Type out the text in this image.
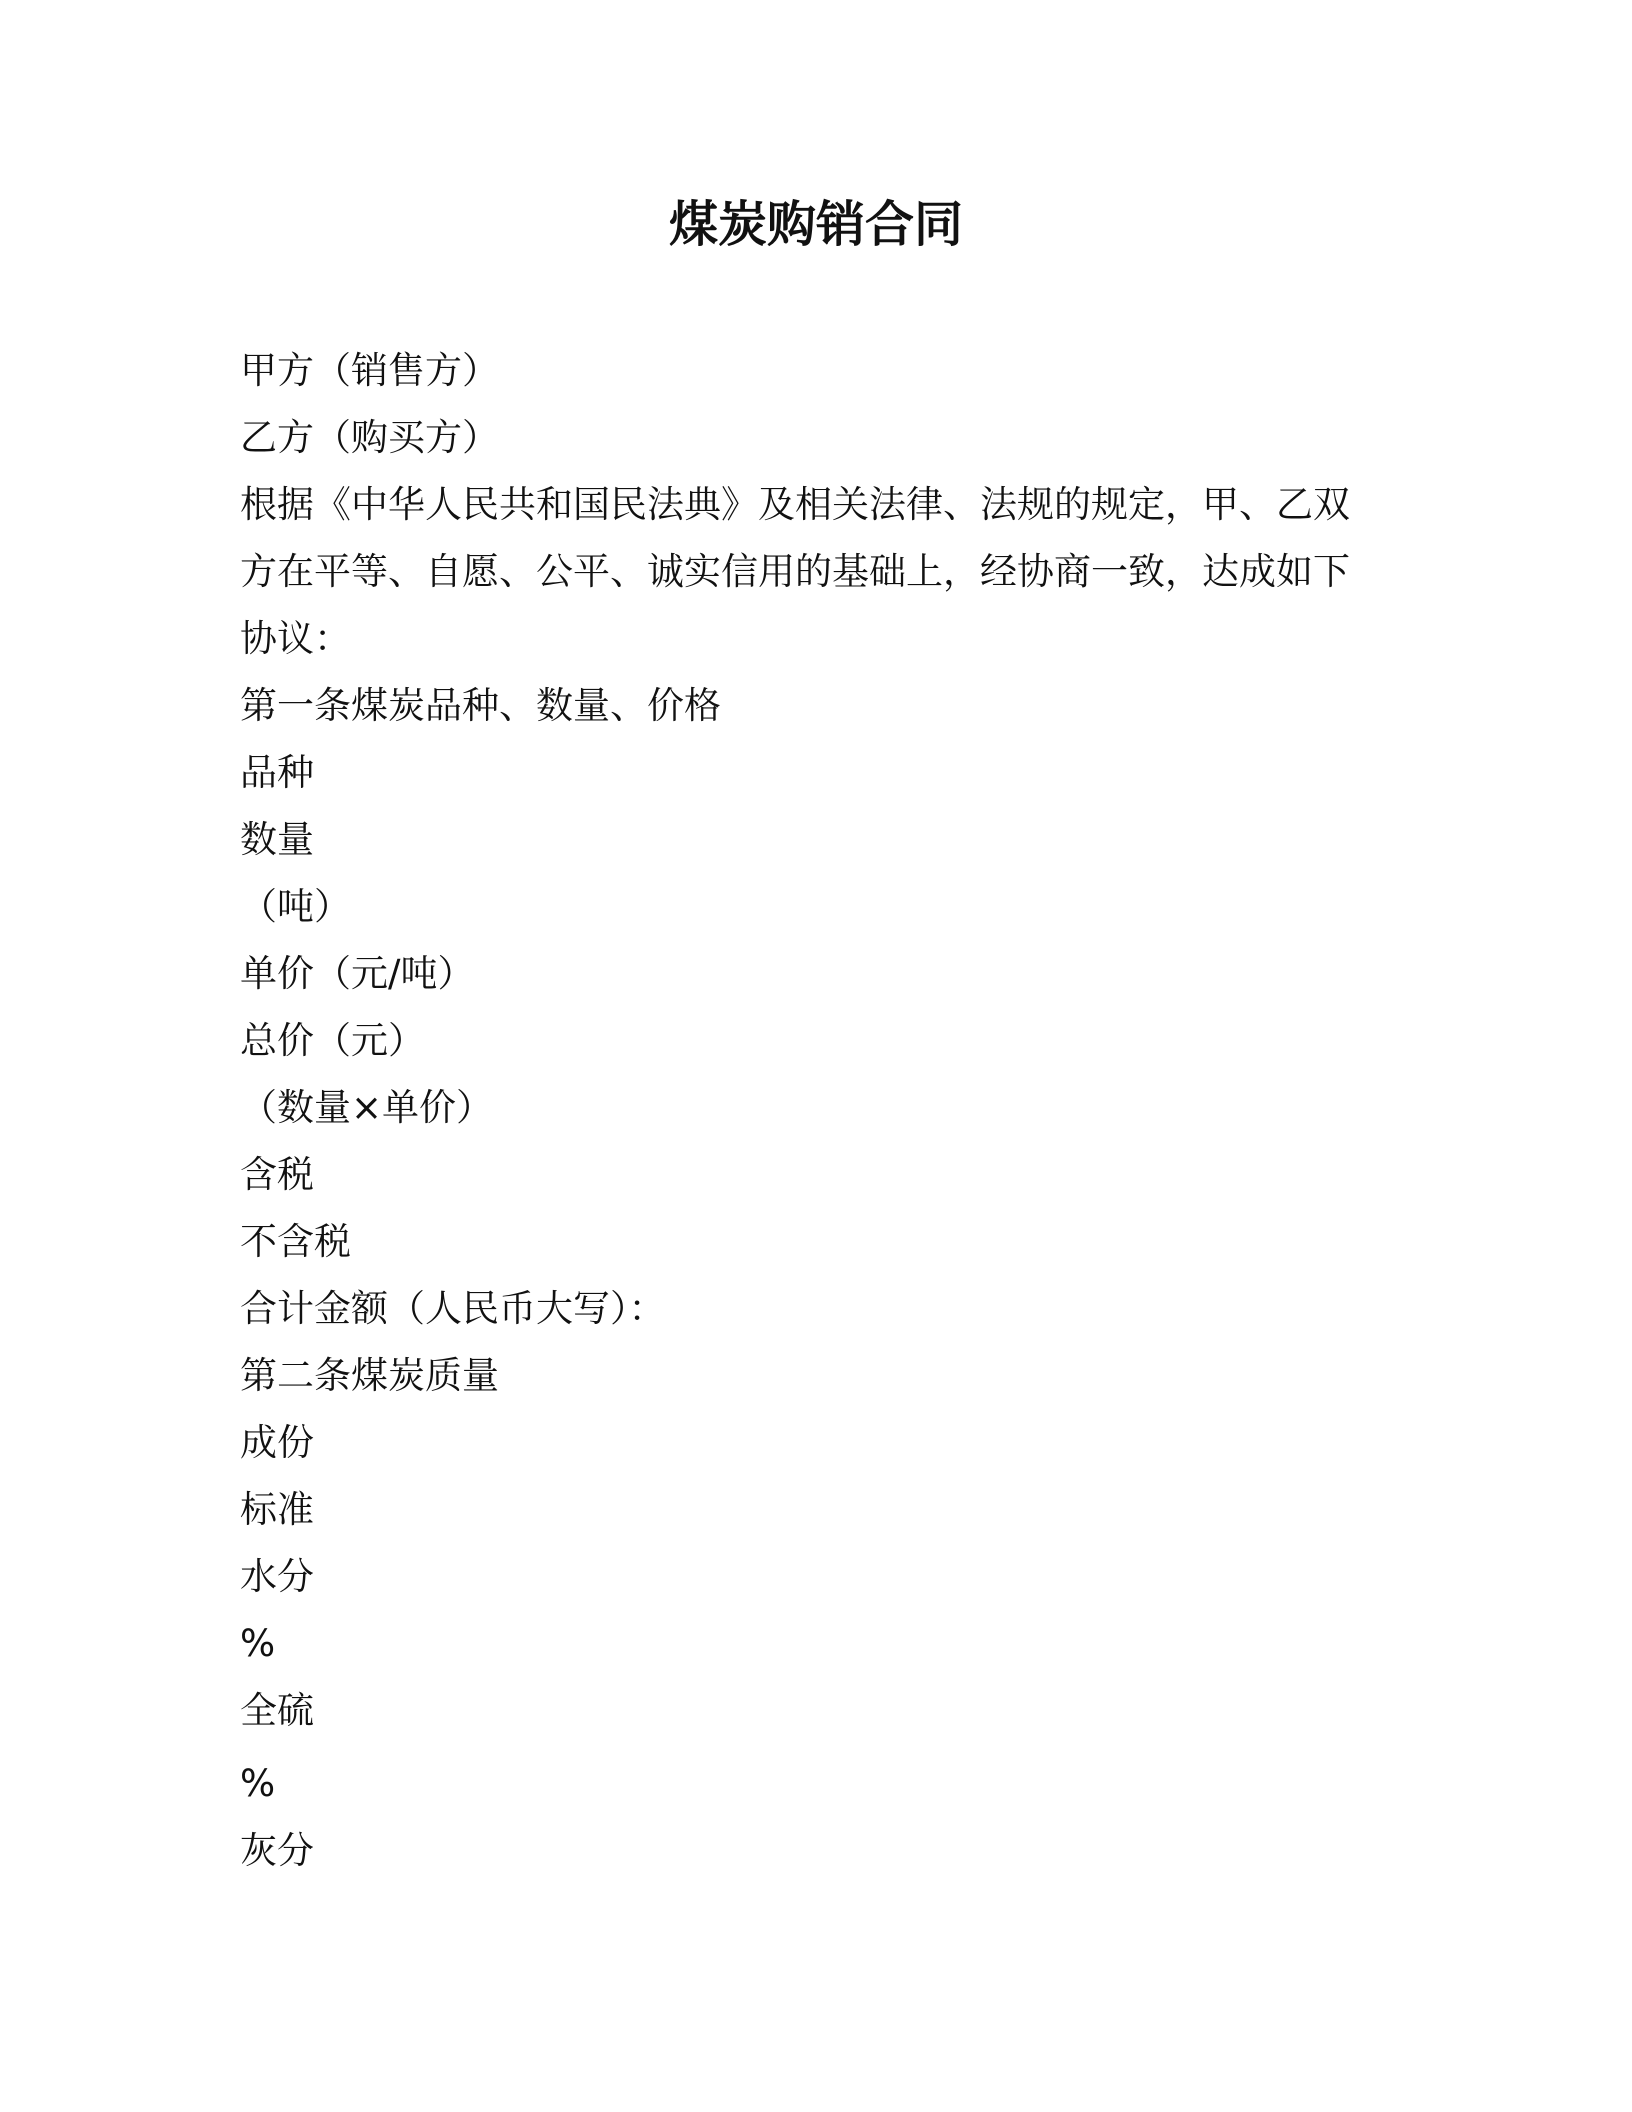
煤炭购销合同
甲方（销售方）
乙方（购买方）
根据《中华人民共和国民法典》及相关法律、法规的规定，甲、乙双
方在平等、自愿、公平、诚实信用的基础上，经协商一致，达成如下
协议：
第一条煤炭品种、数量、价格
品种
数量
（吨）
单价（元/吨）
总价（元）
（数量×单价）
含税
不含税
合计金额（人民币大写）：
第二条煤炭质量
成份
标准
水分
%
全硫
%
灰分
